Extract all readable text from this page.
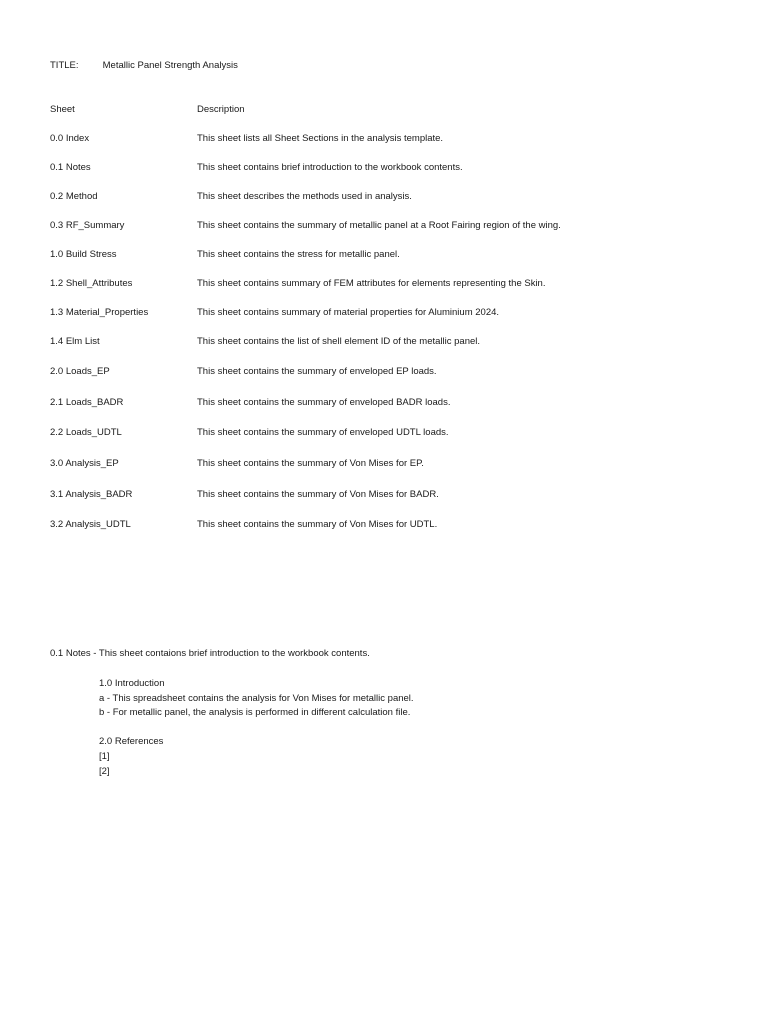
TITLE:	Metallic Panel Strength Analysis
Sheet	Description
0.0 Index	This sheet lists all Sheet Sections in the analysis template.
0.1 Notes	This sheet contains brief introduction to the workbook contents.
0.2 Method	This sheet describes the methods used in analysis.
0.3 RF_Summary	This sheet contains the summary of metallic panel at a Root Fairing region of the wing.
1.0 Build Stress	This sheet contains the stress for metallic panel.
1.2 Shell_Attributes	This sheet contains summary of FEM attributes for elements representing the Skin.
1.3 Material_Properties	This sheet contains summary of material properties for Aluminium 2024.
1.4 Elm List	This sheet contains the list of shell element ID of the metallic panel.
2.0 Loads_EP	This sheet contains the summary of enveloped EP loads.
2.1 Loads_BADR	This sheet contains the summary of enveloped BADR loads.
2.2 Loads_UDTL	This sheet contains the summary of enveloped UDTL loads.
3.0 Analysis_EP	This sheet contains the summary of Von Mises for EP.
3.1 Analysis_BADR	This sheet contains the summary of Von Mises for BADR.
3.2 Analysis_UDTL	This sheet contains the summary of Von Mises for UDTL.
0.1 Notes - This sheet contaions brief introduction to the workbook contents.
1.0 Introduction
a - This spreadsheet contains the analysis for Von Mises for metallic panel.
b - For metallic panel, the analysis is performed in different calculation file.
2.0 References
[1]
[2]
